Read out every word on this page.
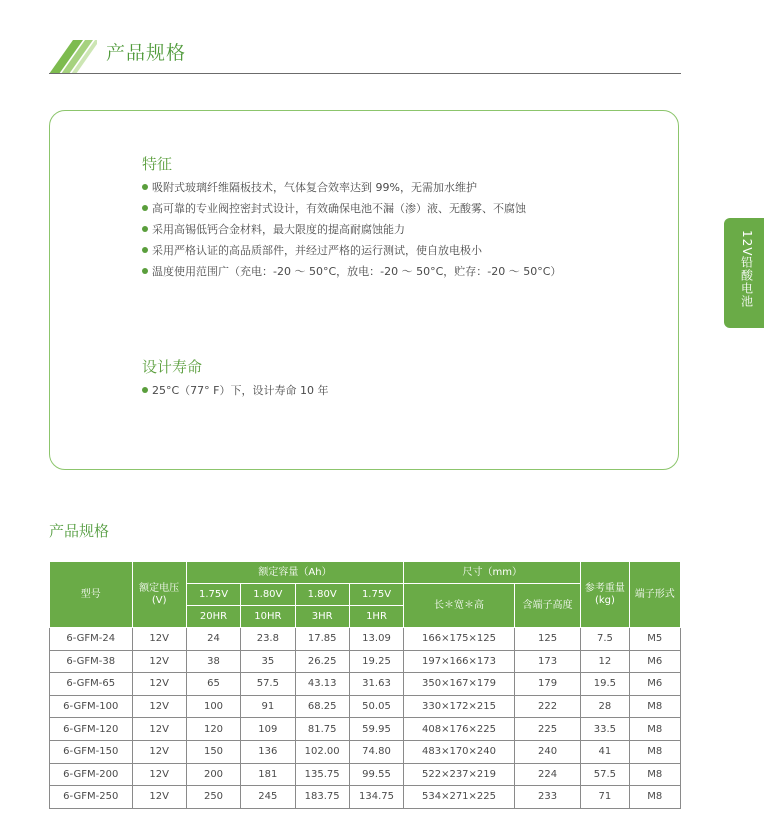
产品规格
特征
吸附式玻璃纤维隔板技术，气体复合效率达到 99%，无需加水维护
高可靠的专业阀控密封式设计，有效确保电池不漏（渗）液、无酸雾、不腐蚀
采用高锡低钙合金材料，最大限度的提高耐腐蚀能力
采用严格认证的高品质部件，并经过严格的运行测试，使自放电极小
温度使用范围广（充电：-20 ～ 50°C，放电：-20 ～ 50°C，贮存：-20 ～ 50°C）
设计寿命
25°C（77° F）下，设计寿命 10 年
12V
铅酸电池
产品规格
型号	额定电压 (V)	额定容量（Ah）				尺寸（mm）		参考重量 (kg)	端子形式
		1.75V	1.80V	1.80V	1.75V	长＊宽＊高	含端子高度		
		20HR	10HR	3HR	1HR				
6-GFM-24	12V	24	23.8	17.85	13.09	166×175×125	125	7.5	M5
6-GFM-38	12V	38	35	26.25	19.25	197×166×173	173	12	M6
6-GFM-65	12V	65	57.5	43.13	31.63	350×167×179	179	19.5	M6
6-GFM-100	12V	100	91	68.25	50.05	330×172×215	222	28	M8
6-GFM-120	12V	120	109	81.75	59.95	408×176×225	225	33.5	M8
6-GFM-150	12V	150	136	102.00	74.80	483×170×240	240	41	M8
6-GFM-200	12V	200	181	135.75	99.55	522×237×219	224	57.5	M8
6-GFM-250	12V	250	245	183.75	134.75	534×271×225	233	71	M8
